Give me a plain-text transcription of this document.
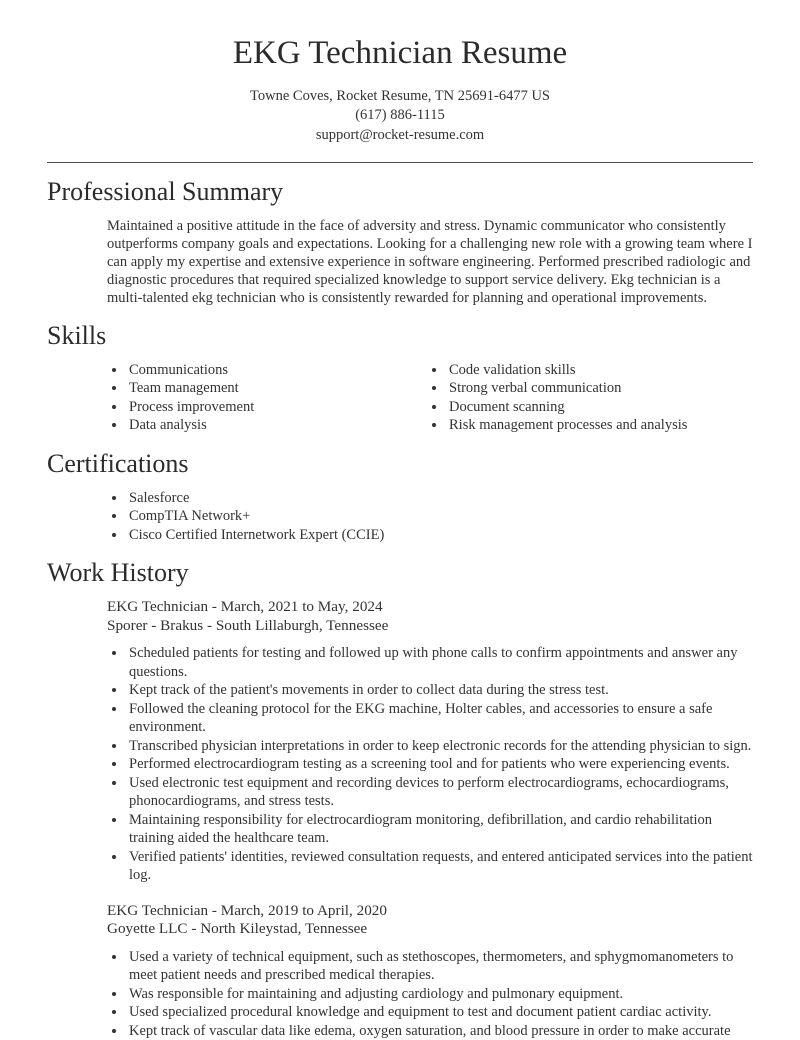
EKG Technician Resume
Towne Coves, Rocket Resume, TN 25691-6477 US
(617) 886-1115
support@rocket-resume.com
Professional Summary

Maintained a positive attitude in the face of adversity and stress. Dynamic communicator who consistently outperforms company goals and expectations. Looking for a challenging new role with a growing team where I can apply my expertise and extensive experience in software engineering. Performed prescribed radiologic and diagnostic procedures that required specialized knowledge to support service delivery. Ekg technician is a multi-talented ekg technician who is consistently rewarded for planning and operational improvements.

Skills
• Communications
• Team management
• Process improvement
• Data analysis
• Code validation skills
• Strong verbal communication
• Document scanning
• Risk management processes and analysis
Certifications
• Salesforce
• CompTIA Network+
• Cisco Certified Internetwork Expert (CCIE)
Work History
EKG Technician - March, 2021 to May, 2024
Sporer - Brakus - South Lillaburgh, Tennessee
• Scheduled patients for testing and followed up with phone calls to confirm appointments and answer any questions.
• Kept track of the patient's movements in order to collect data during the stress test.
• Followed the cleaning protocol for the EKG machine, Holter cables, and accessories to ensure a safe environment.
• Transcribed physician interpretations in order to keep electronic records for the attending physician to sign.
• Performed electrocardiogram testing as a screening tool and for patients who were experiencing events.
• Used electronic test equipment and recording devices to perform electrocardiograms, echocardiograms, phonocardiograms, and stress tests.
• Maintaining responsibility for electrocardiogram monitoring, defibrillation, and cardio rehabilitation training aided the healthcare team.
• Verified patients' identities, reviewed consultation requests, and entered anticipated services into the patient log.
EKG Technician - March, 2019 to April, 2020
Goyette LLC - North Kileystad, Tennessee
• Used a variety of technical equipment, such as stethoscopes, thermometers, and sphygmomanometers to meet patient needs and prescribed medical therapies.
• Was responsible for maintaining and adjusting cardiology and pulmonary equipment.
• Used specialized procedural knowledge and equipment to test and document patient cardiac activity.
• Kept track of vascular data like edema, oxygen saturation, and blood pressure in order to make accurate
